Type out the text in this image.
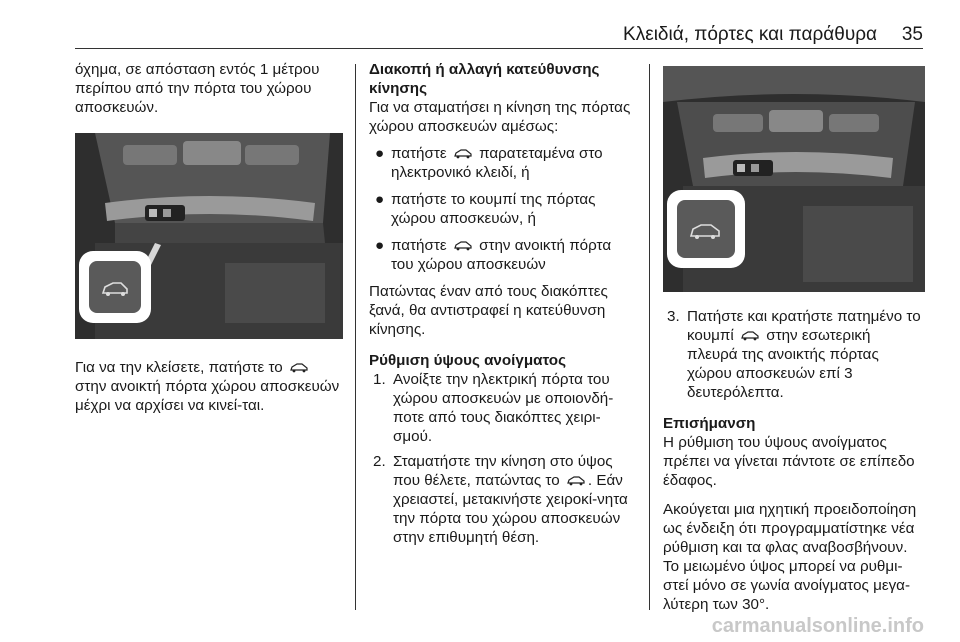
Κλειδιά, πόρτες και παράθυρα 35

όχημα, σε απόσταση εντός 1 μέτρου περίπου από την πόρτα του χώρου αποσκευών.

Για να την κλείσετε, πατήστε το  στην ανοικτή πόρτα χώρου αποσκευών μέχρι να αρχίσει να κινεί-ται.

Διακοπή ή αλλαγή κατεύθυνσης κίνησης

Για να σταματήσει η κίνηση της πόρτας χώρου αποσκευών αμέσως:

● πατήστε παρατεταμένα στο ηλεκτρονικό κλειδί, ή
● πατήστε το κουμπί της πόρτας χώρου αποσκευών, ή
● πατήστε στην ανοικτή πόρτα του χώρου αποσκευών

Πατώντας έναν από τους διακόπτες ξανά, θα αντιστραφεί η κατεύθυνση κίνησης.

Ρύθμιση ύψους ανοίγματος

1. Ανοίξτε την ηλεκτρική πόρτα του χώρου αποσκευών με οποιονδή-ποτε από τους διακόπτες χειρι-σμού.
2. Σταματήστε την κίνηση στο ύψος που θέλετε, πατώντας το . Εάν χρειαστεί, μετακινήστε χειροκί-νητα την πόρτα του χώρου αποσκευών στην επιθυμητή θέση.
3. Πατήστε και κρατήστε πατημένο το κουμπί στην εσωτερική πλευρά της ανοικτής πόρτας χώρου αποσκευών επί 3 δευτερόλεπτα.

Επισήμανση

Η ρύθμιση του ύψους ανοίγματος πρέπει να γίνεται πάντοτε σε επίπεδο έδαφος.

Ακούγεται μια ηχητική προειδοποίηση ως ένδειξη ότι προγραμματίστηκε νέα ρύθμιση και τα φλας αναβοσβήνουν.

Το μειωμένο ύψος μπορεί να ρυθμι-στεί μόνο σε γωνία ανοίγματος μεγα-λύτερη των 30°.

carmanualsonline.info
